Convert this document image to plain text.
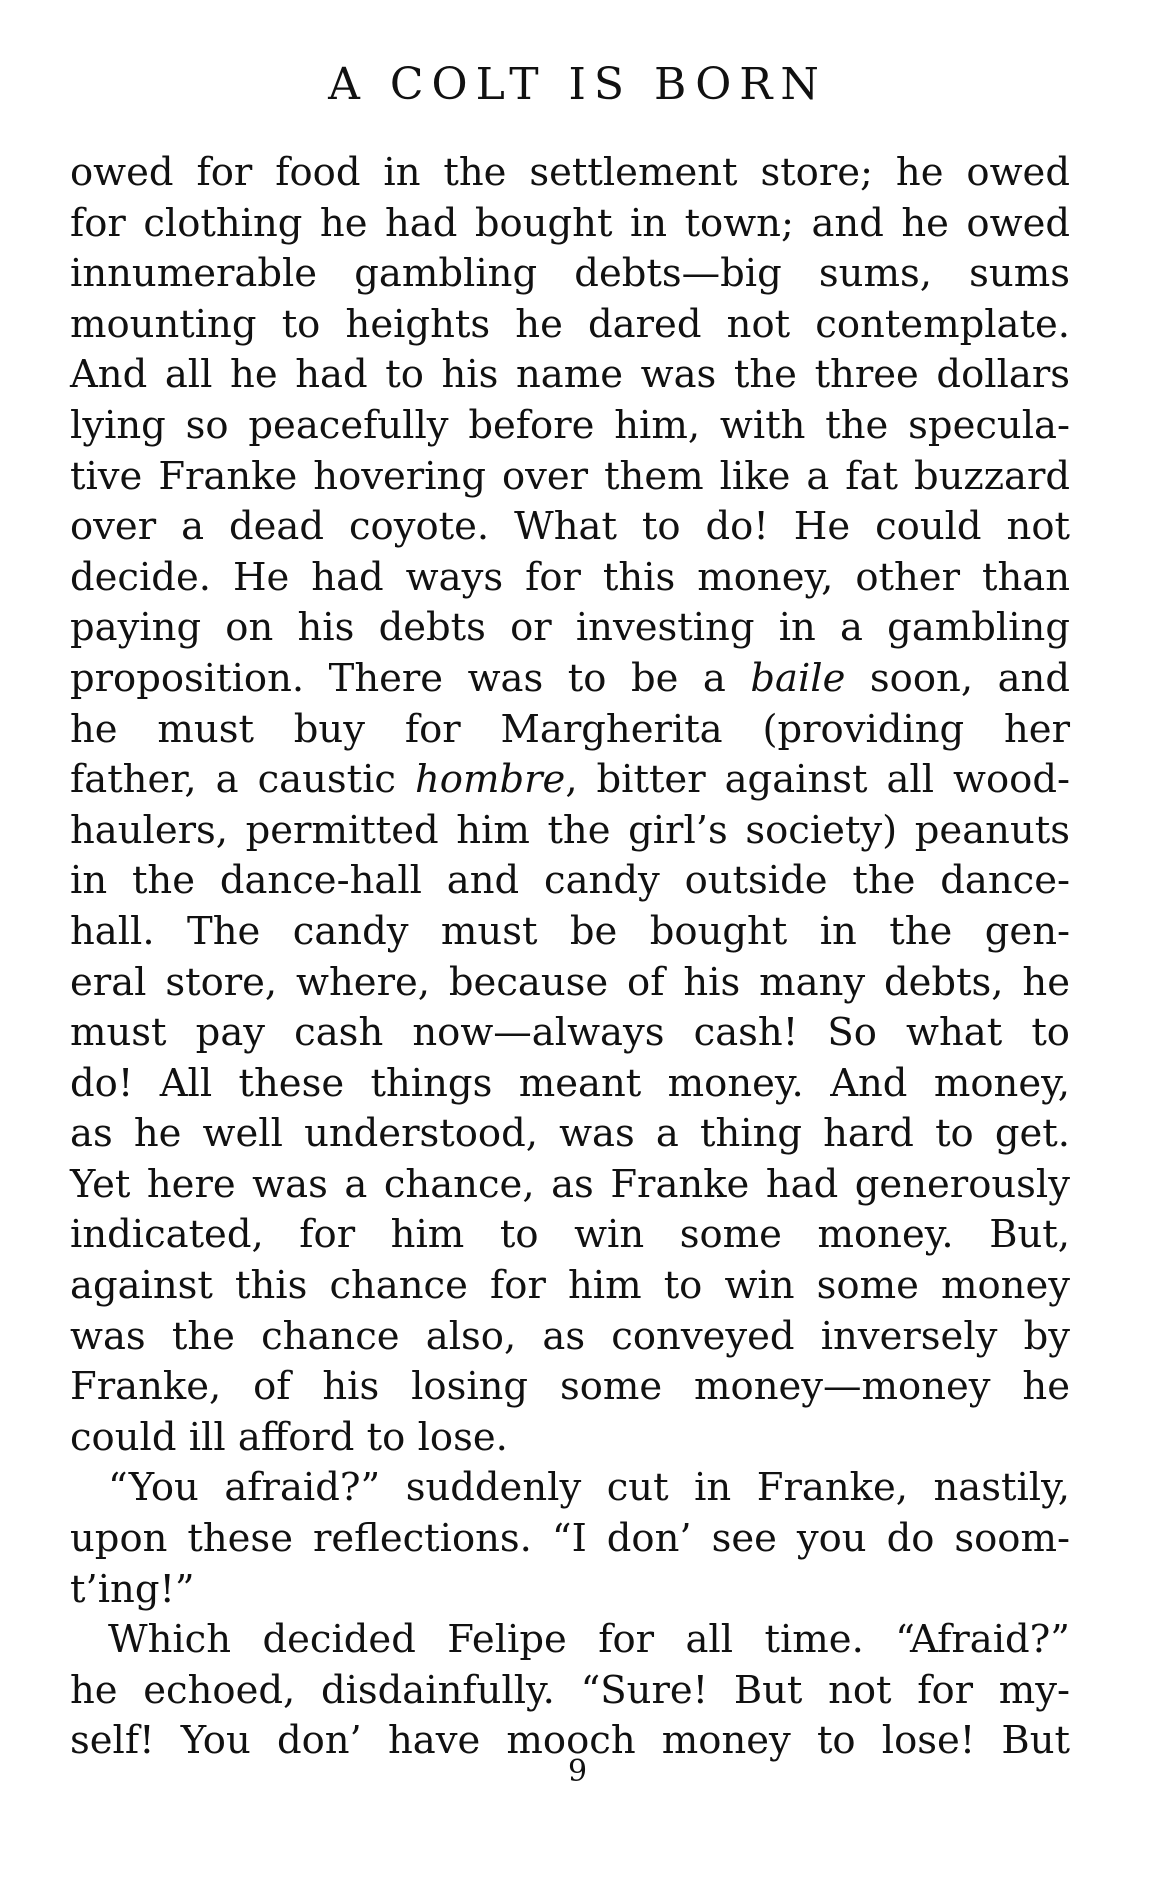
A COLT IS BORN
owed for food in the settlement store; he owed
for clothing he had bought in town; and he owed
innumerable gambling debts—big sums, sums
mounting to heights he dared not contemplate.
And all he had to his name was the three dollars
lying so peacefully before him, with the specula-
tive Franke hovering over them like a fat buzzard
over a dead coyote. What to do! He could not
decide. He had ways for this money, other than
paying on his debts or investing in a gambling
proposition. There was to be a baile soon, and
he must buy for Margherita (providing her
father, a caustic hombre, bitter against all wood-
haulers, permitted him the girl’s society) peanuts
in the dance-hall and candy outside the dance-
hall. The candy must be bought in the gen-
eral store, where, because of his many debts, he
must pay cash now—always cash! So what to
do! All these things meant money. And money,
as he well understood, was a thing hard to get.
Yet here was a chance, as Franke had generously
indicated, for him to win some money. But,
against this chance for him to win some money
was the chance also, as conveyed inversely by
Franke, of his losing some money—money he
could ill afford to lose.
“You afraid?” suddenly cut in Franke, nastily,
upon these reflections. “I don’ see you do soom-
t’ing!”
Which decided Felipe for all time. “Afraid?”
he echoed, disdainfully. “Sure! But not for my-
self! You don’ have mooch money to lose! But
9
